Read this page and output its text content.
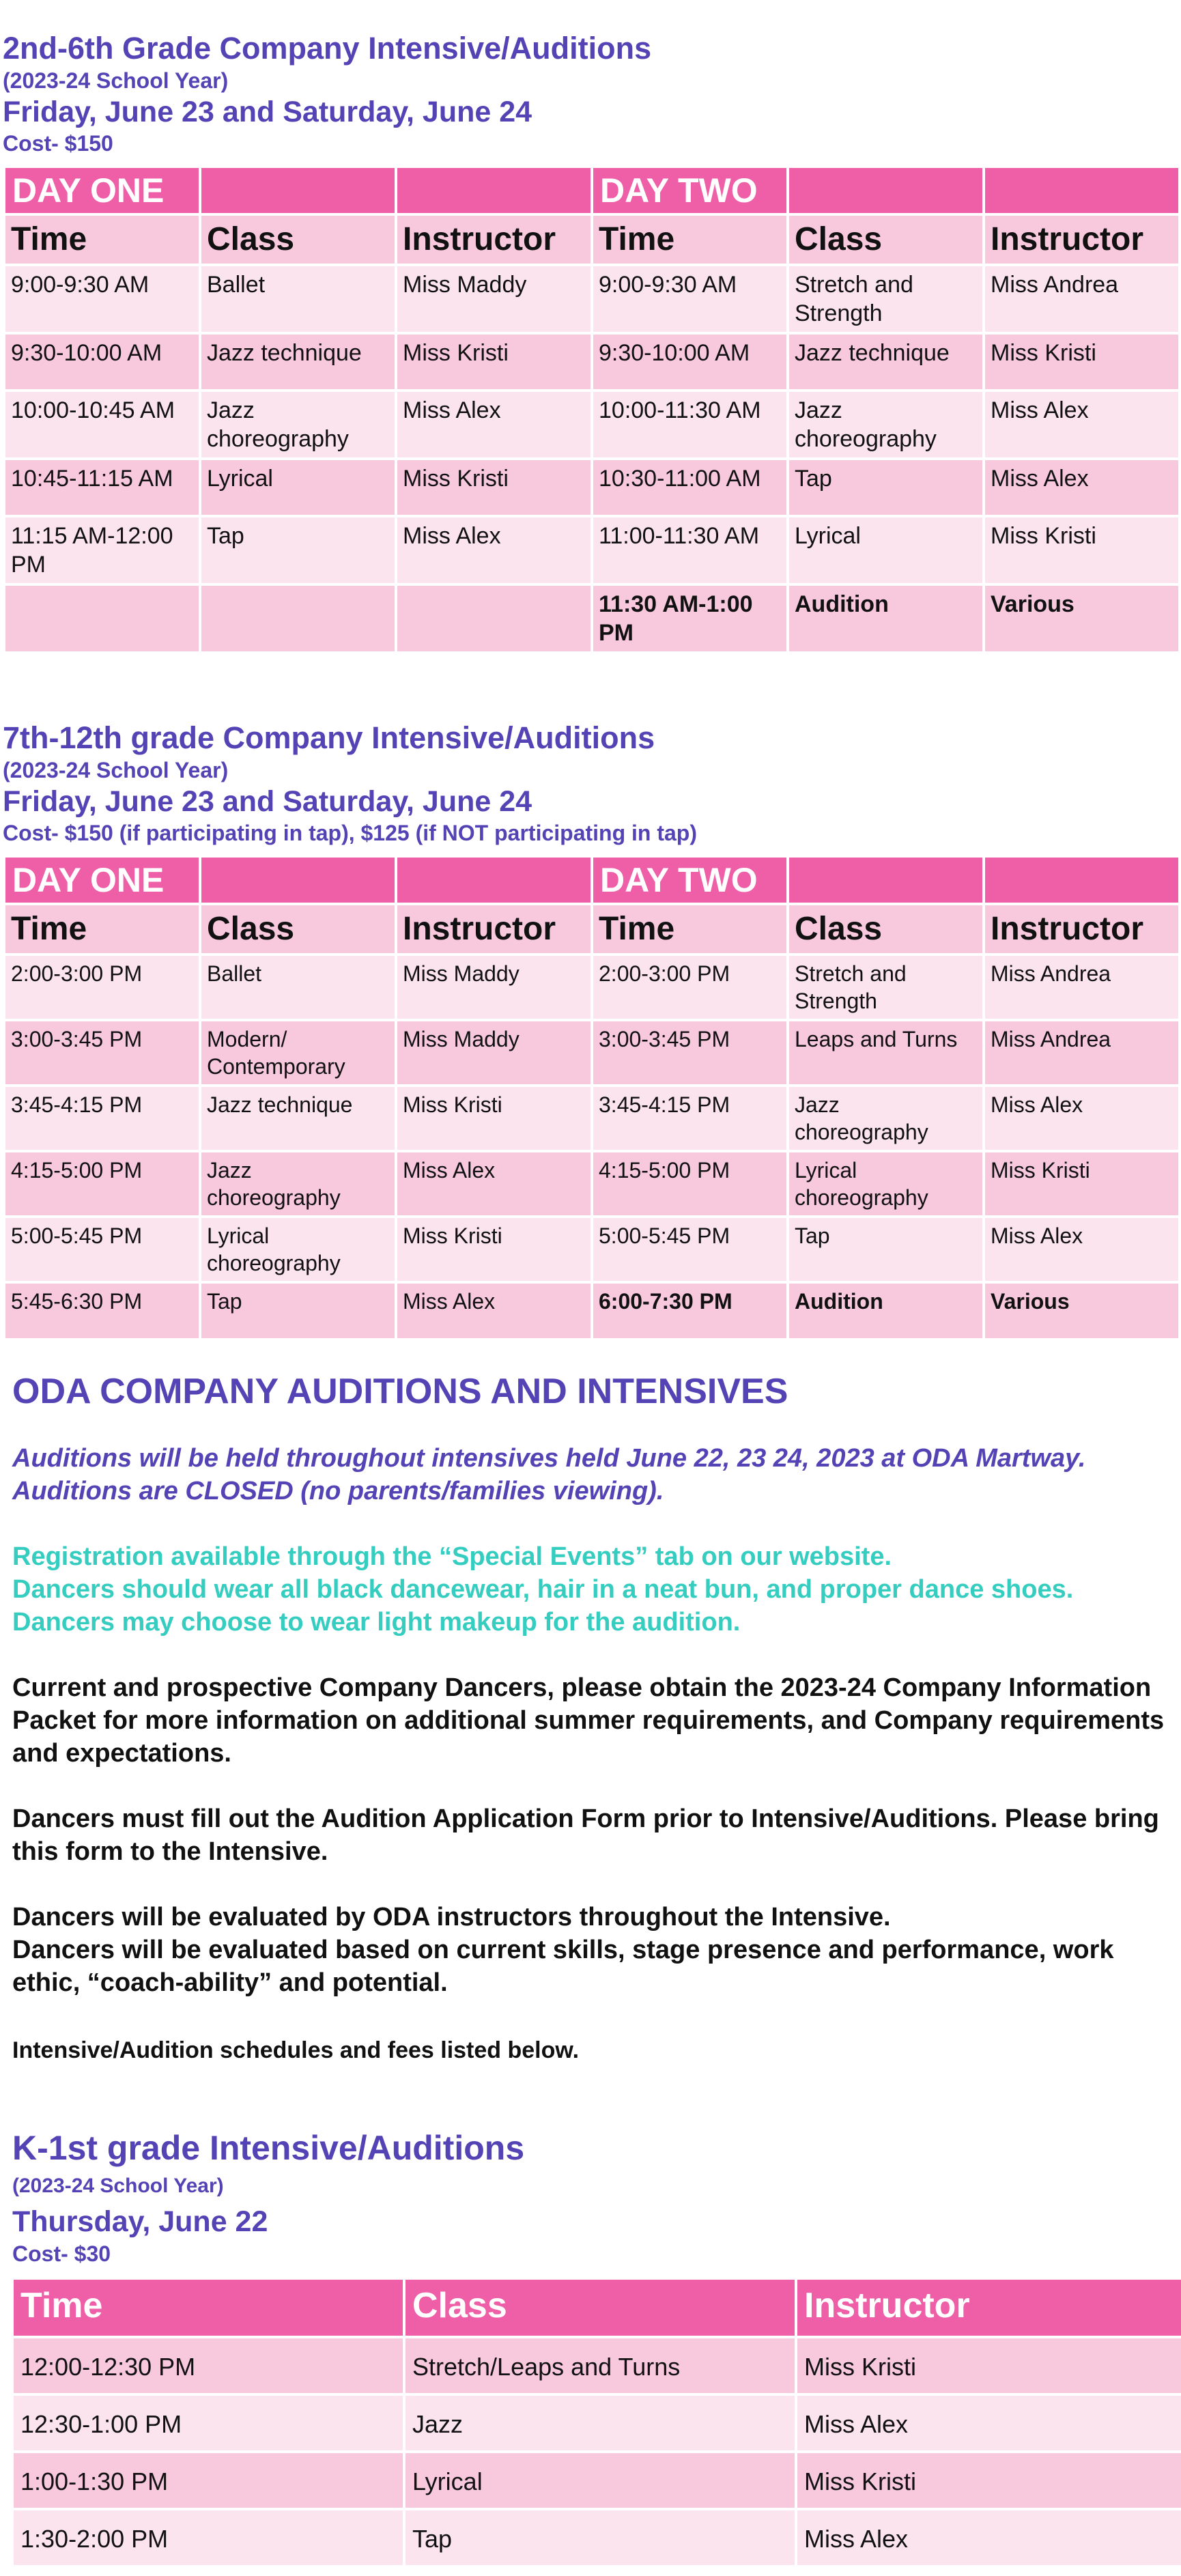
2nd-6th Grade Company Intensive/Auditions

(2023-24 School Year)

Friday, June 23 and Saturday, June 24

Cost- $150

DAY ONE			DAY TWO		
Time	Class	Instructor	Time	Class	Instructor
9:00-9:30 AM	Ballet	Miss Maddy	9:00-9:30 AM	Stretch and Strength	Miss Andrea
9:30-10:00 AM	Jazz technique	Miss Kristi	9:30-10:00 AM	Jazz technique	Miss Kristi
10:00-10:45 AM	Jazz choreography	Miss Alex	10:00-11:30 AM	Jazz choreography	Miss Alex
10:45-11:15 AM	Lyrical	Miss Kristi	10:30-11:00 AM	Tap	Miss Alex
11:15 AM-12:00 PM	Tap	Miss Alex	11:00-11:30 AM	Lyrical	Miss Kristi
			11:30 AM-1:00 PM	Audition	Various

7th-12th grade Company Intensive/Auditions

(2023-24 School Year)

Friday, June 23 and Saturday, June 24

Cost- $150 (if participating in tap), $125 (if NOT participating in tap)

DAY ONE			DAY TWO		
Time	Class	Instructor	Time	Class	Instructor
2:00-3:00 PM	Ballet	Miss Maddy	2:00-3:00 PM	Stretch and Strength	Miss Andrea
3:00-3:45 PM	Modern/ Contemporary	Miss Maddy	3:00-3:45 PM	Leaps and Turns	Miss Andrea
3:45-4:15 PM	Jazz technique	Miss Kristi	3:45-4:15 PM	Jazz choreography	Miss Alex
4:15-5:00 PM	Jazz choreography	Miss Alex	4:15-5:00 PM	Lyrical choreography	Miss Kristi
5:00-5:45 PM	Lyrical choreography	Miss Kristi	5:00-5:45 PM	Tap	Miss Alex
5:45-6:30 PM	Tap	Miss Alex	6:00-7:30 PM	Audition	Various

ODA COMPANY AUDITIONS AND INTENSIVES

Auditions will be held throughout intensives held June 22, 23 24, 2023 at ODA Martway.

Auditions are CLOSED (no parents/families viewing).

Registration available through the “Special Events” tab on our website.

Dancers should wear all black dancewear, hair in a neat bun, and proper dance shoes.

Dancers may choose to wear light makeup for the audition.

Current and prospective Company Dancers, please obtain the 2023-24 Company Information Packet for more information on additional summer requirements, and Company requirements and expectations.

Dancers must fill out the Audition Application Form prior to Intensive/Auditions. Please bring this form to the Intensive.

Dancers will be evaluated by ODA instructors throughout the Intensive.

Dancers will be evaluated based on current skills, stage presence and performance, work ethic, “coach-ability” and potential.

Intensive/Audition schedules and fees listed below.

K-1st grade Intensive/Auditions

(2023-24 School Year)

Thursday, June 22

Cost- $30

Time	Class	Instructor
12:00-12:30 PM	Stretch/Leaps and Turns	Miss Kristi
12:30-1:00 PM	Jazz	Miss Alex
1:00-1:30 PM	Lyrical	Miss Kristi
1:30-2:00 PM	Tap	Miss Alex
